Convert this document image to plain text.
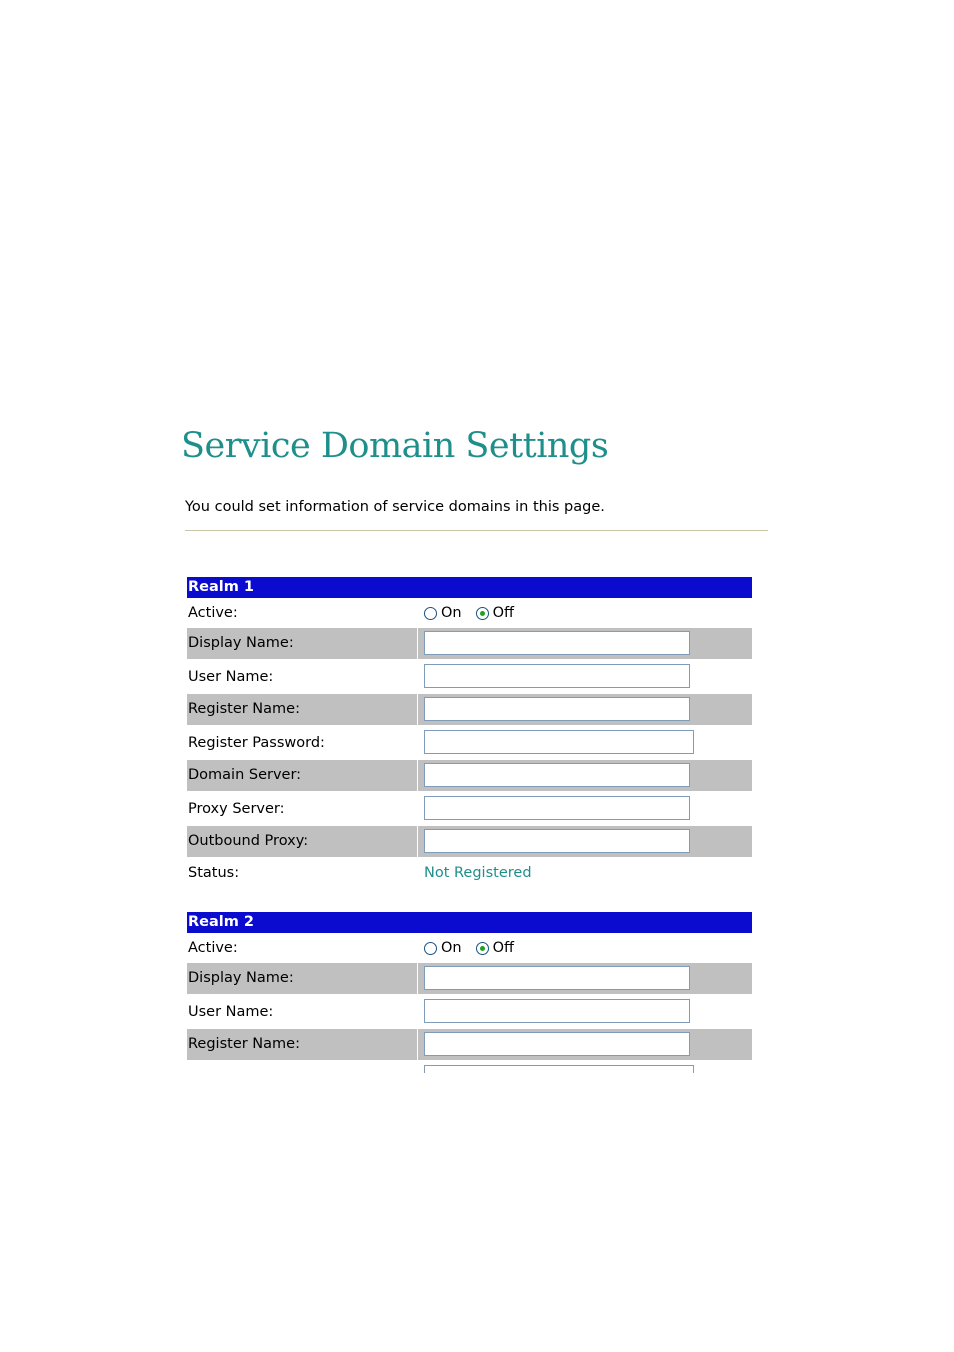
Service Domain Settings
You could set information of service domains in this page.
Realm 1
Active:	On Off
Display Name:
User Name:
Register Name:
Register Password:
Domain Server:
Proxy Server:
Outbound Proxy:
Status:	Not Registered
Realm 2
Active:	On Off
Display Name:
User Name:
Register Name:
